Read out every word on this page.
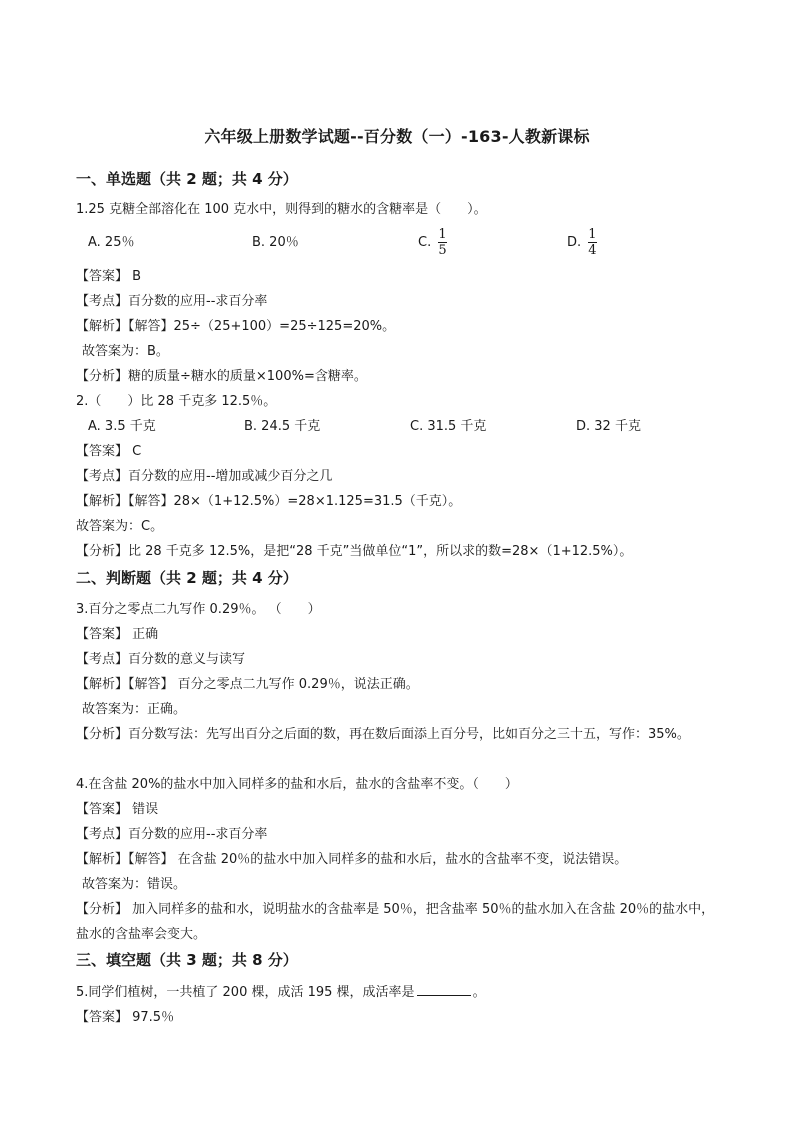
六年级上册数学试题--百分数（一）-163-人教新课标
一、单选题（共 2 题；共 4 分）
1.25 克糖全部溶化在 100 克水中，则得到的糖水的含糖率是（　　）。
A. 25％	B. 20％	C. $\frac{1}{5}$	D. $\frac{1}{4}$
【答案】 B
【考点】百分数的应用--求百分率
【解析】【解答】25÷（25+100）=25÷125=20%。
故答案为：B。
【分析】糖的质量÷糖水的质量×100%=含糖率。
2.（　　）比 28 千克多 12.5％。
A. 3.5 千克	B. 24.5 千克	C. 31.5 千克	D. 32 千克
【答案】 C
【考点】百分数的应用--增加或减少百分之几
【解析】【解答】28×（1+12.5%）=28×1.125=31.5（千克）。
故答案为：C。
【分析】比 28 千克多 12.5%，是把“28 千克”当做单位“1”，所以求的数=28×（1+12.5%）。
二、判断题（共 2 题；共 4 分）
3.百分之零点二九写作 0.29％。 （　　）
【答案】 正确
【考点】百分数的意义与读写
【解析】【解答】 百分之零点二九写作 0.29％，说法正确。
故答案为：正确。
【分析】百分数写法：先写出百分之后面的数，再在数后面添上百分号，比如百分之三十五，写作：35%。
4.在含盐 20%的盐水中加入同样多的盐和水后，盐水的含盐率不变。（　　）
【答案】 错误
【考点】百分数的应用--求百分率
【解析】【解答】 在含盐 20％的盐水中加入同样多的盐和水后，盐水的含盐率不变，说法错误。
故答案为：错误。
【分析】 加入同样多的盐和水，说明盐水的含盐率是 50％，把含盐率 50％的盐水加入在含盐 20％的盐水中，盐水的含盐率会变大。
三、填空题（共 3 题；共 8 分）
5.同学们植树，一共植了 200 棵，成活 195 棵，成活率是	。
【答案】 97.5％
